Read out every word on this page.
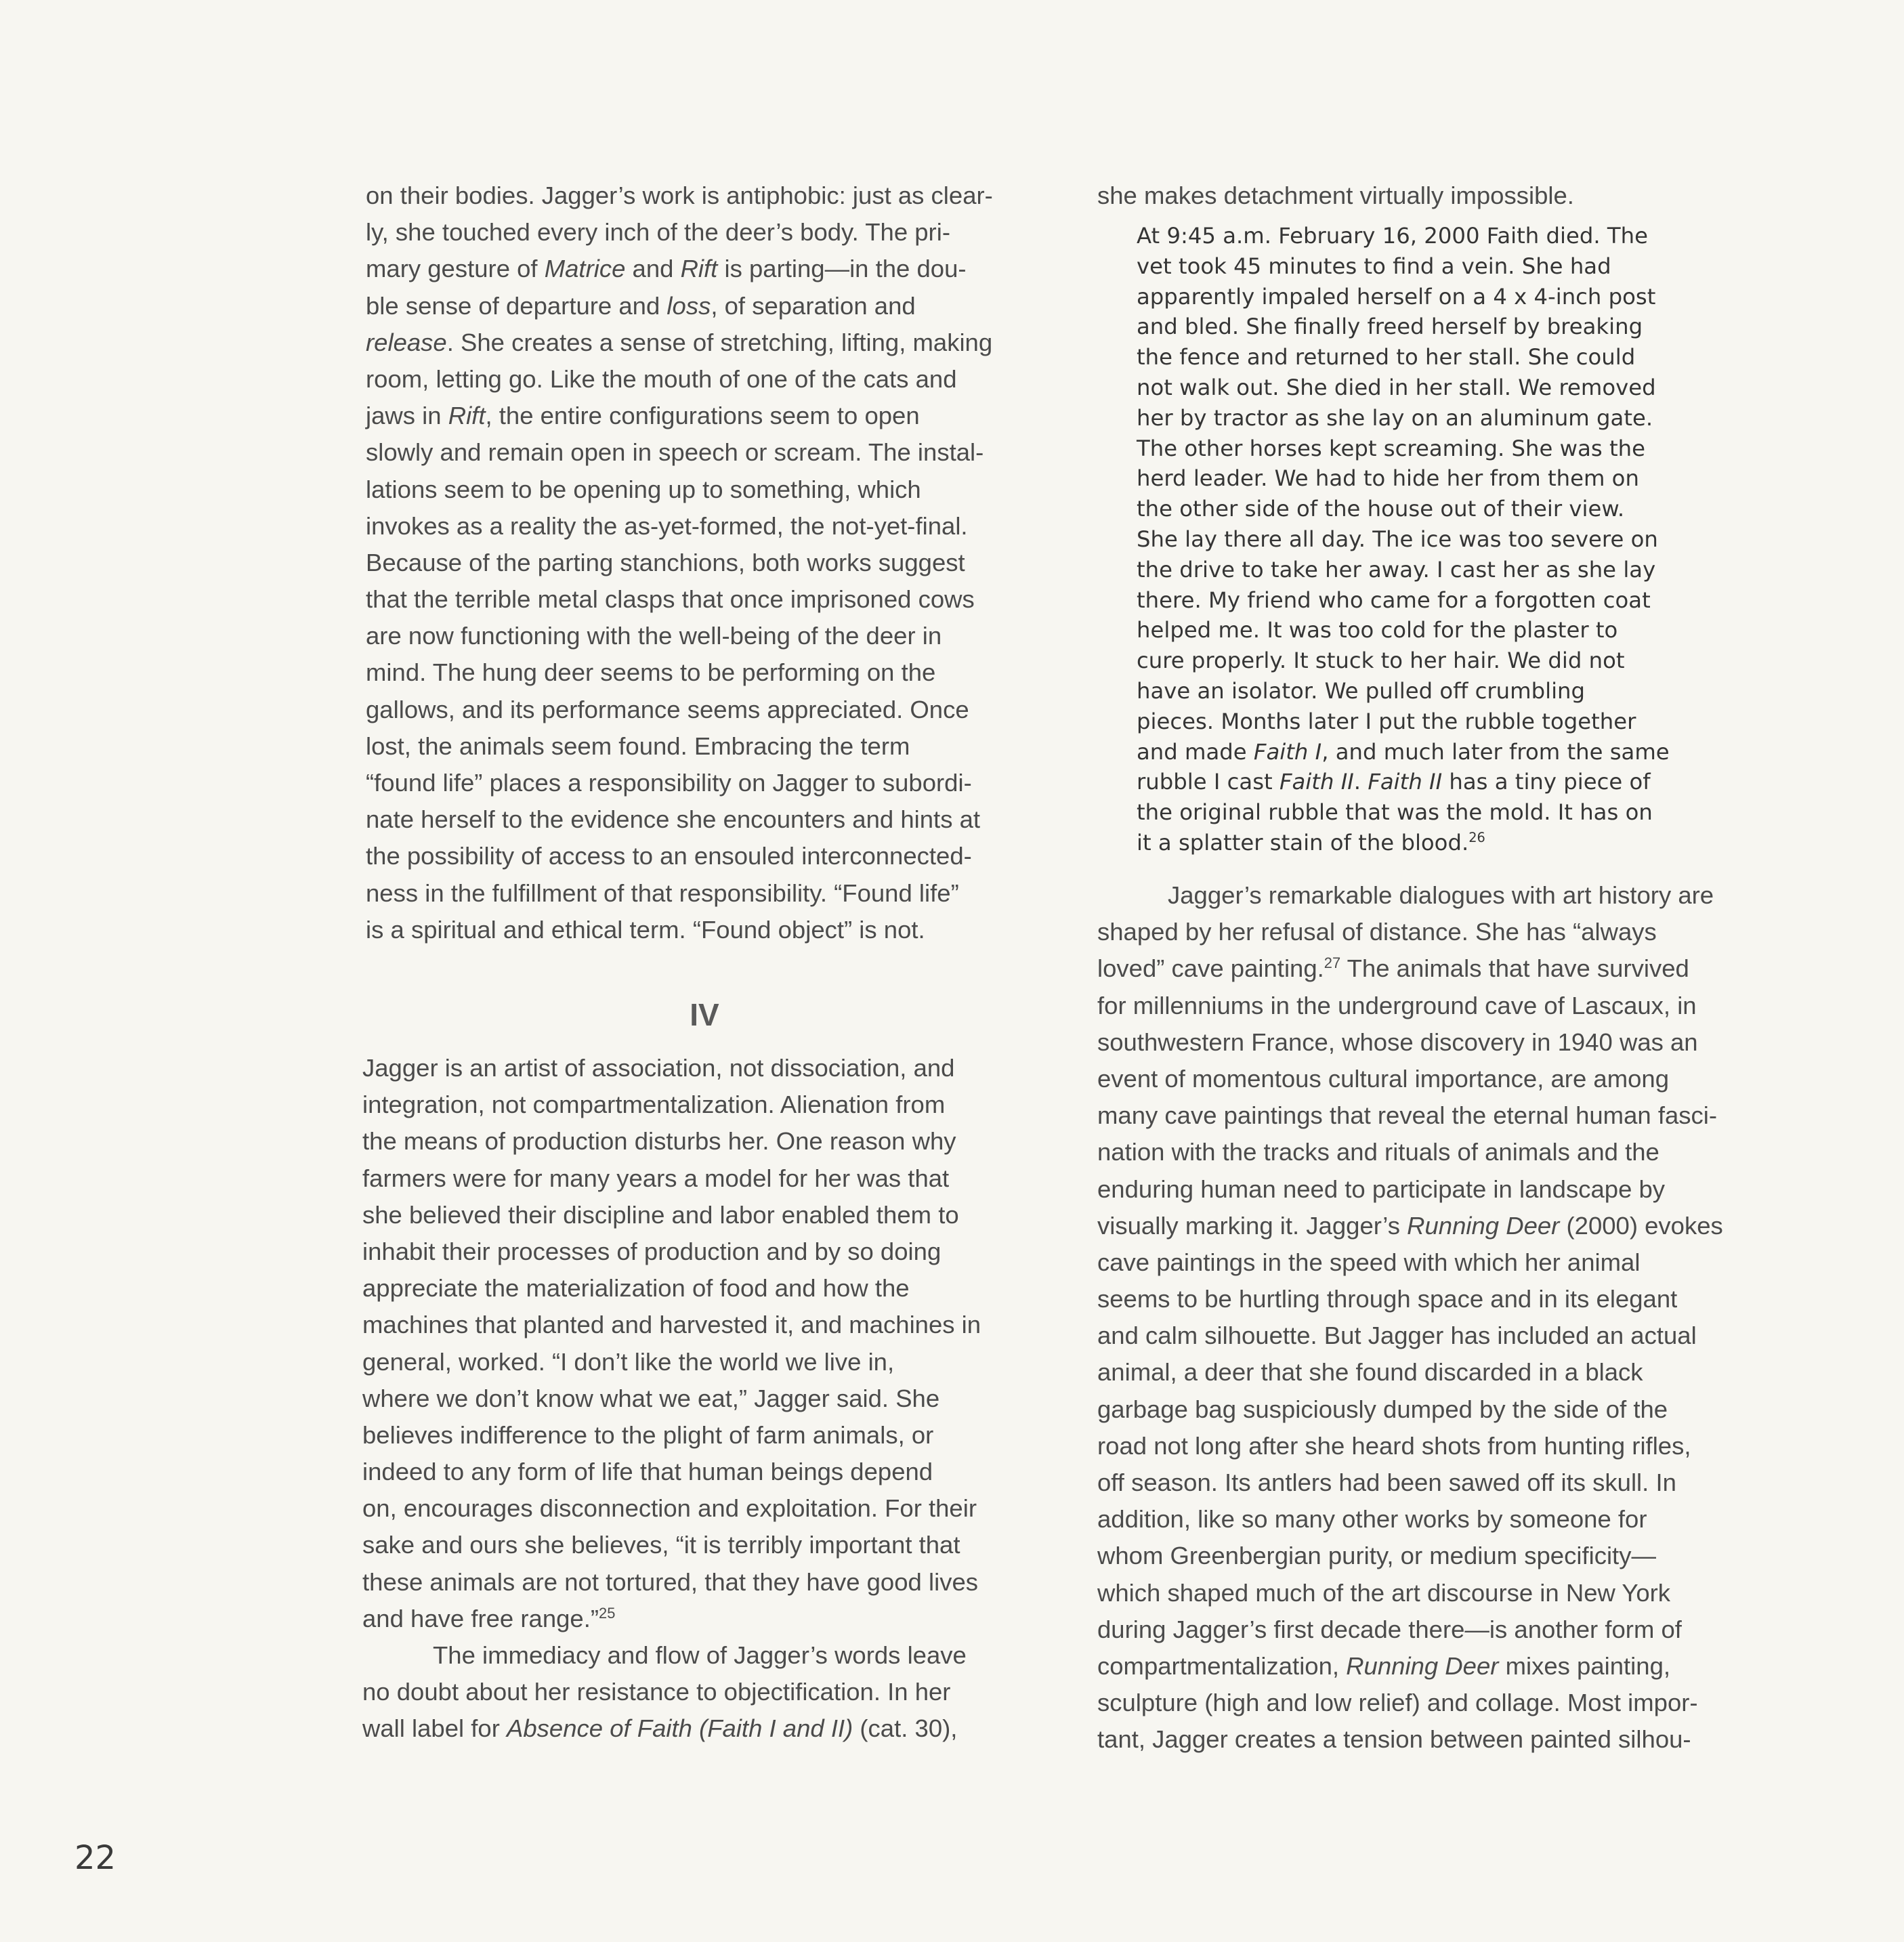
on their bodies. Jagger’s work is antiphobic: just as clear-
ly, she touched every inch of the deer’s body. The pri-
mary gesture of Matrice and Rift is parting—in the dou-
ble sense of departure and loss, of separation and
release. She creates a sense of stretching, lifting, making
room, letting go. Like the mouth of one of the cats and
jaws in Rift, the entire configurations seem to open
slowly and remain open in speech or scream. The instal-
lations seem to be opening up to something, which
invokes as a reality the as-yet-formed, the not-yet-final.
Because of the parting stanchions, both works suggest
that the terrible metal clasps that once imprisoned cows
are now functioning with the well-being of the deer in
mind. The hung deer seems to be performing on the
gallows, and its performance seems appreciated. Once
lost, the animals seem found. Embracing the term
“found life” places a responsibility on Jagger to subordi-
nate herself to the evidence she encounters and hints at
the possibility of access to an ensouled interconnected-
ness in the fulfillment of that responsibility. “Found life”
is a spiritual and ethical term. “Found object” is not.
IV
Jagger is an artist of association, not dissociation, and
integration, not compartmentalization. Alienation from
the means of production disturbs her. One reason why
farmers were for many years a model for her was that
she believed their discipline and labor enabled them to
inhabit their processes of production and by so doing
appreciate the materialization of food and how the
machines that planted and harvested it, and machines in
general, worked. “I don’t like the world we live in,
where we don’t know what we eat,” Jagger said. She
believes indifference to the plight of farm animals, or
indeed to any form of life that human beings depend
on, encourages disconnection and exploitation. For their
sake and ours she believes, “it is terribly important that
these animals are not tortured, that they have good lives
and have free range.”$^{25}$
The immediacy and flow of Jagger’s words leave
no doubt about her resistance to objectification. In her
wall label for Absence of Faith (Faith I and II) (cat. 30),
she makes detachment virtually impossible.
At 9:45 a.m. February 16, 2000 Faith died. The
vet took 45 minutes to find a vein. She had
apparently impaled herself on a 4 x 4-inch post
and bled. She finally freed herself by breaking
the fence and returned to her stall. She could
not walk out. She died in her stall. We removed
her by tractor as she lay on an aluminum gate.
The other horses kept screaming. She was the
herd leader. We had to hide her from them on
the other side of the house out of their view.
She lay there all day. The ice was too severe on
the drive to take her away. I cast her as she lay
there. My friend who came for a forgotten coat
helped me. It was too cold for the plaster to
cure properly. It stuck to her hair. We did not
have an isolator. We pulled off crumbling
pieces. Months later I put the rubble together
and made Faith I, and much later from the same
rubble I cast Faith II. Faith II has a tiny piece of
the original rubble that was the mold. It has on
it a splatter stain of the blood.$^{26}$
Jagger’s remarkable dialogues with art history are
shaped by her refusal of distance. She has “always
loved” cave painting.$^{27}$ The animals that have survived
for millenniums in the underground cave of Lascaux, in
southwestern France, whose discovery in 1940 was an
event of momentous cultural importance, are among
many cave paintings that reveal the eternal human fasci-
nation with the tracks and rituals of animals and the
enduring human need to participate in landscape by
visually marking it. Jagger’s Running Deer (2000) evokes
cave paintings in the speed with which her animal
seems to be hurtling through space and in its elegant
and calm silhouette. But Jagger has included an actual
animal, a deer that she found discarded in a black
garbage bag suspiciously dumped by the side of the
road not long after she heard shots from hunting rifles,
off season. Its antlers had been sawed off its skull. In
addition, like so many other works by someone for
whom Greenbergian purity, or medium specificity—
which shaped much of the art discourse in New York
during Jagger’s first decade there—is another form of
compartmentalization, Running Deer mixes painting,
sculpture (high and low relief) and collage. Most impor-
tant, Jagger creates a tension between painted silhou-
22
